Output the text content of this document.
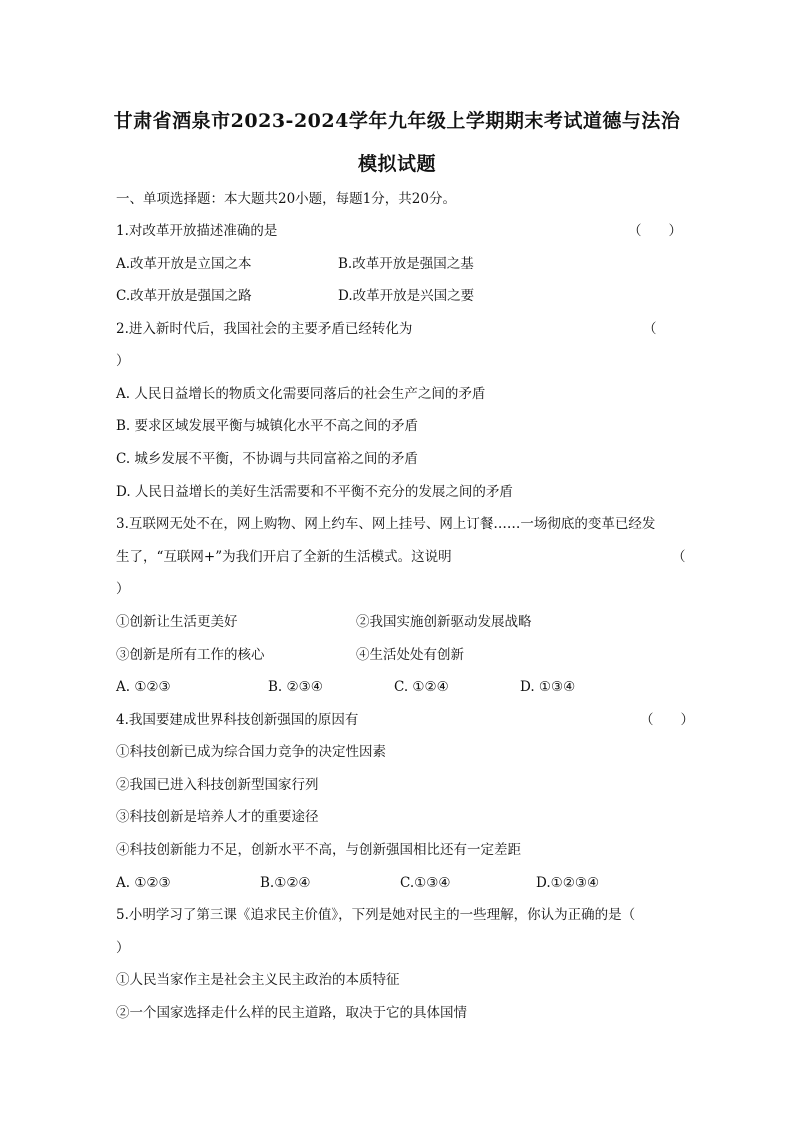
甘肃省酒泉市2023-2024学年九年级上学期期末考试道德与法治
模拟试题
一、单项选择题：本大题共20小题，每题1分，共20分。
1.对改革开放描述准确的是	（　　）
A.改革开放是立国之本	B.改革开放是强国之基
C.改革开放是强国之路	D.改革开放是兴国之要
2.进入新时代后，我国社会的主要矛盾已经转化为	（
）
A. 人民日益增长的物质文化需要同落后的社会生产之间的矛盾
B. 要求区域发展平衡与城镇化水平不高之间的矛盾
C. 城乡发展不平衡，不协调与共同富裕之间的矛盾
D. 人民日益增长的美好生活需要和不平衡不充分的发展之间的矛盾
3.互联网无处不在，网上购物、网上约车、网上挂号、网上订餐……一场彻底的变革已经发
生了，“互联网+”为我们开启了全新的生活模式。这说明	（
）
①创新让生活更美好	②我国实施创新驱动发展战略
③创新是所有工作的核心	④生活处处有创新
A. ①②③	B. ②③④	C. ①②④	D. ①③④
4.我国要建成世界科技创新强国的原因有	（　　）
①科技创新已成为综合国力竞争的决定性因素
②我国已进入科技创新型国家行列
③科技创新是培养人才的重要途径
④科技创新能力不足，创新水平不高，与创新强国相比还有一定差距
A. ①②③	B.①②④	C.①③④	D.①②③④
5.小明学习了第三课《追求民主价值》，下列是她对民主的一些理解，你认为正确的是（
）
①人民当家作主是社会主义民主政治的本质特征
②一个国家选择走什么样的民主道路，取决于它的具体国情
